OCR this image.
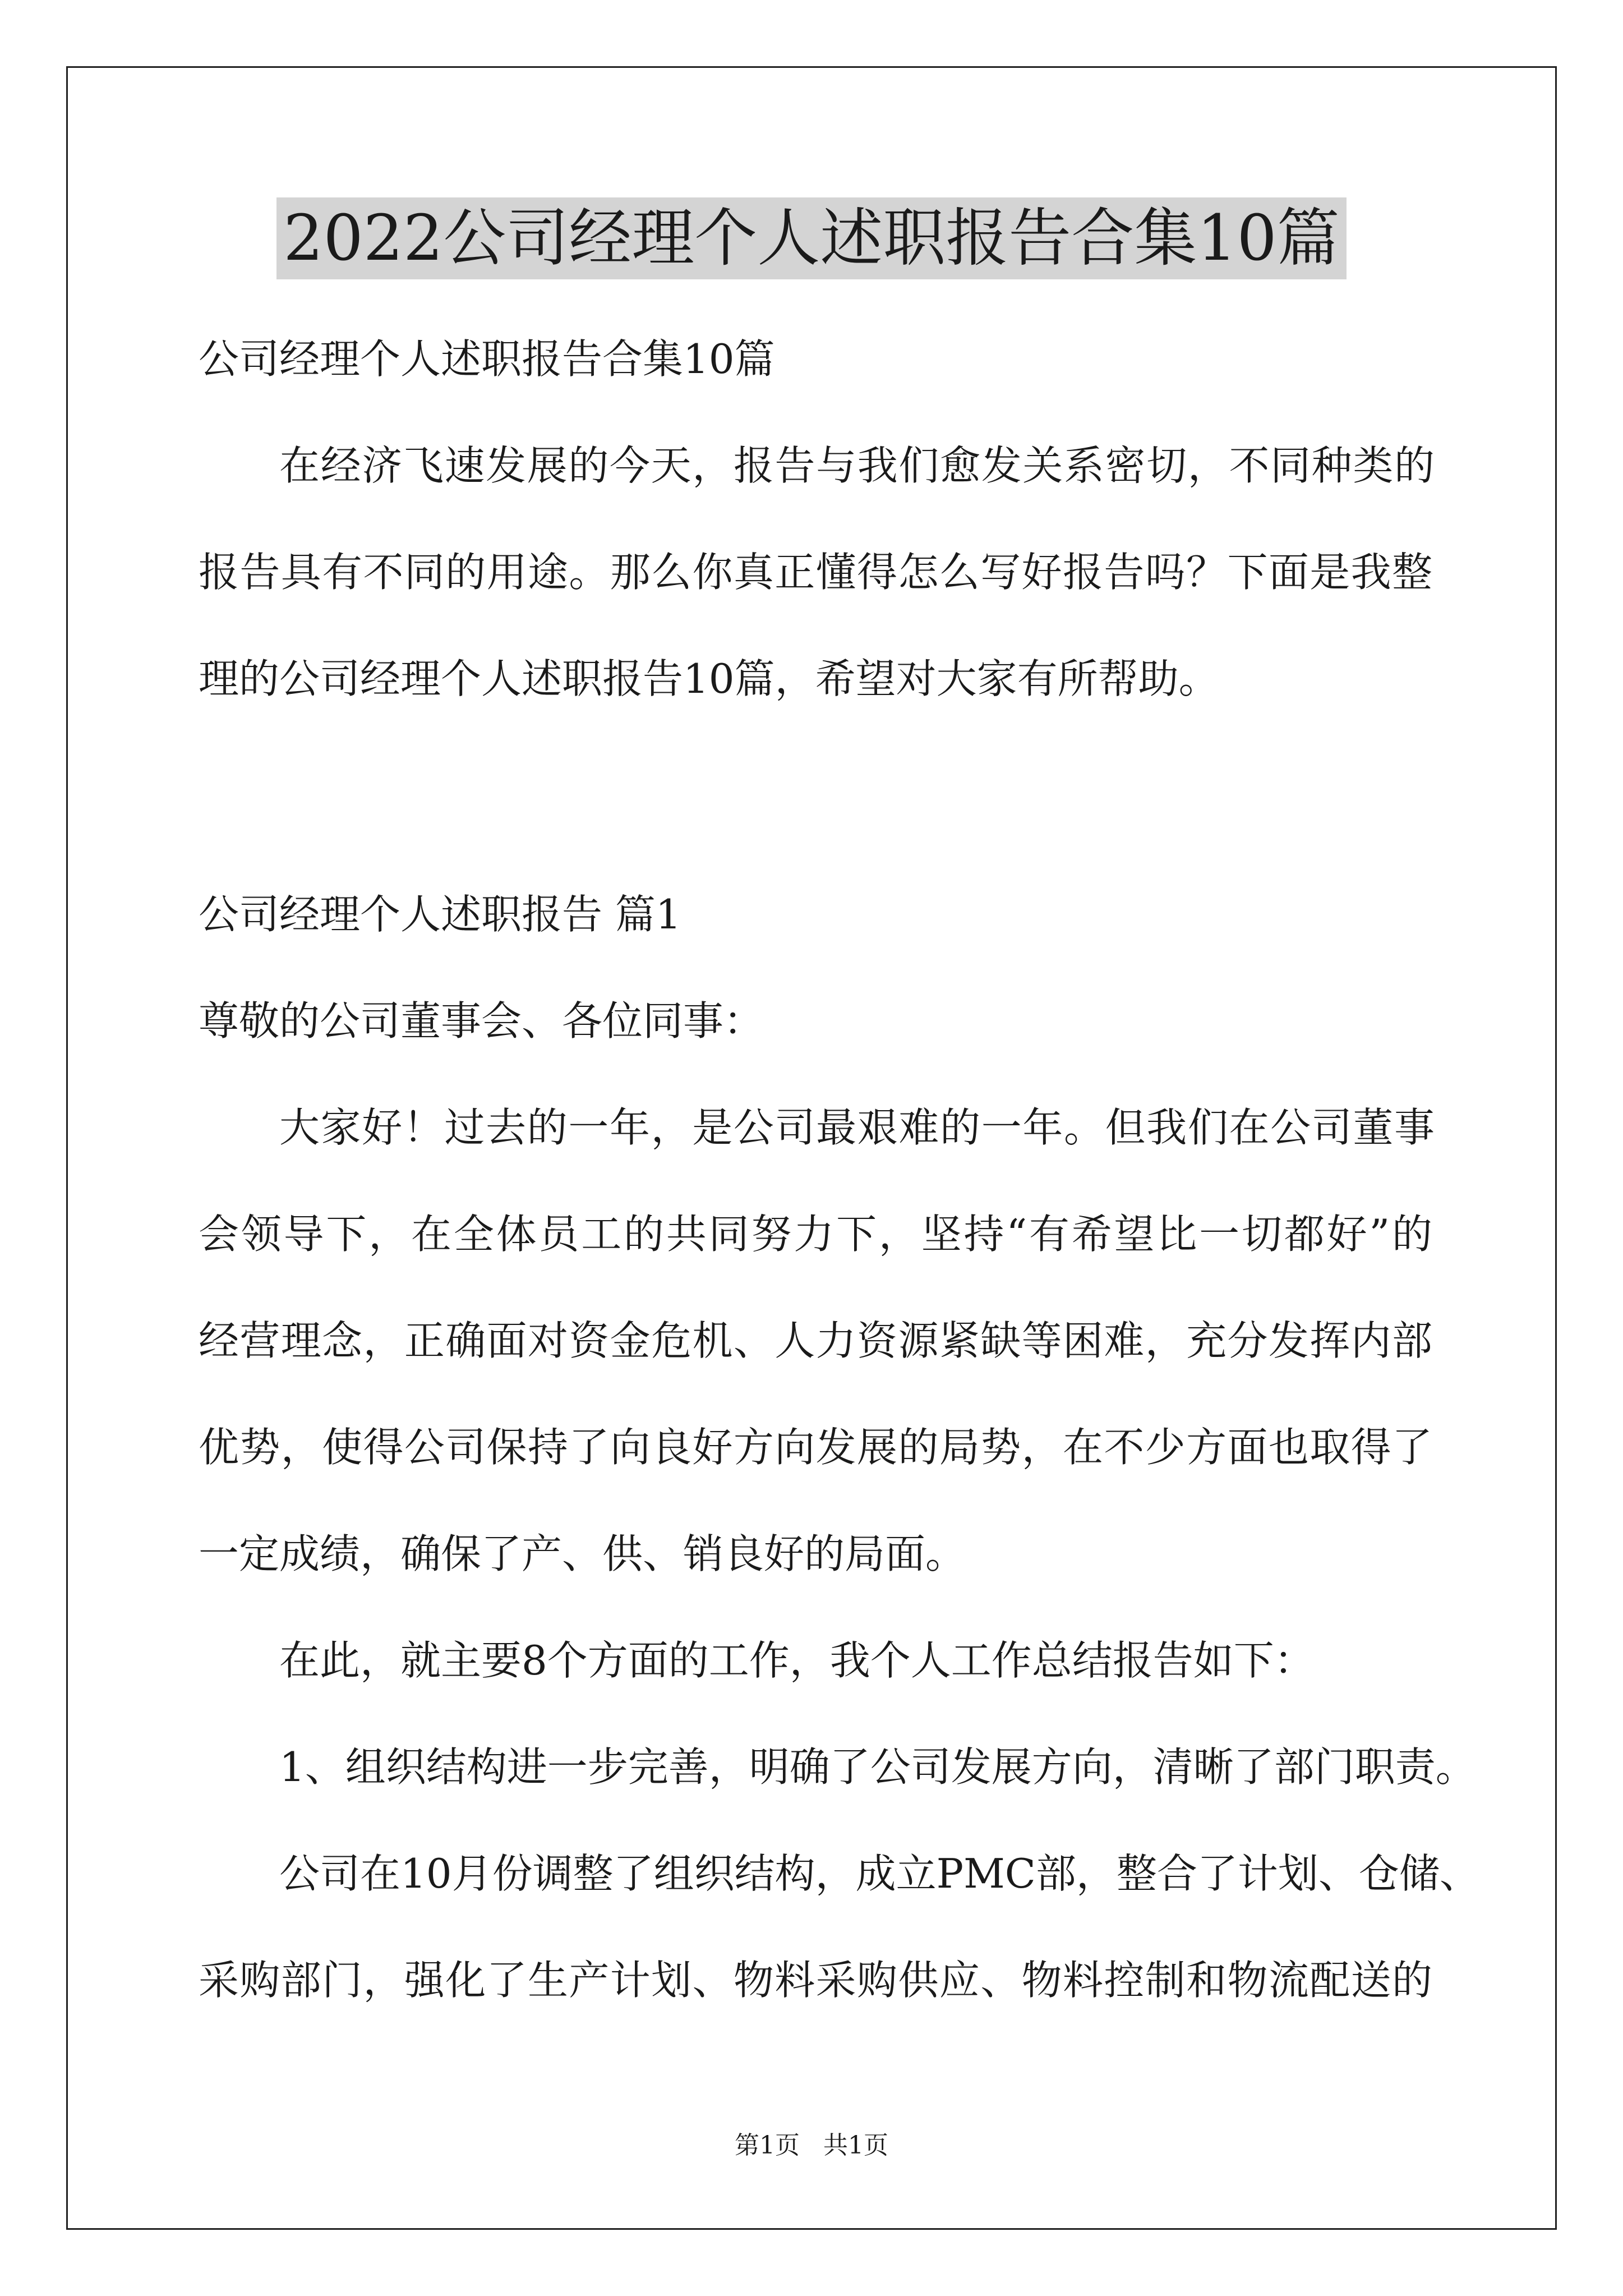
2022公司经理个人述职报告合集10篇
公司经理个人述职报告合集10篇
在经济飞速发展的今天，报告与我们愈发关系密切，不同种类的
报告具有不同的用途。那么你真正懂得怎么写好报告吗？下面是我整
理的公司经理个人述职报告10篇，希望对大家有所帮助。
公司经理个人述职报告 篇1
尊敬的公司董事会、各位同事：
大家好！过去的一年，是公司最艰难的一年。但我们在公司董事
会领导下，在全体员工的共同努力下，坚持“有希望比一切都好”的
经营理念，正确面对资金危机、人力资源紧缺等困难，充分发挥内部
优势，使得公司保持了向良好方向发展的局势，在不少方面也取得了
一定成绩，确保了产、供、销良好的局面。
在此，就主要8个方面的工作，我个人工作总结报告如下：
1、组织结构进一步完善，明确了公司发展方向，清晰了部门职责。
公司在10月份调整了组织结构，成立PMC部，整合了计划、仓储、
采购部门，强化了生产计划、物料采购供应、物料控制和物流配送的
第1页 共1页
